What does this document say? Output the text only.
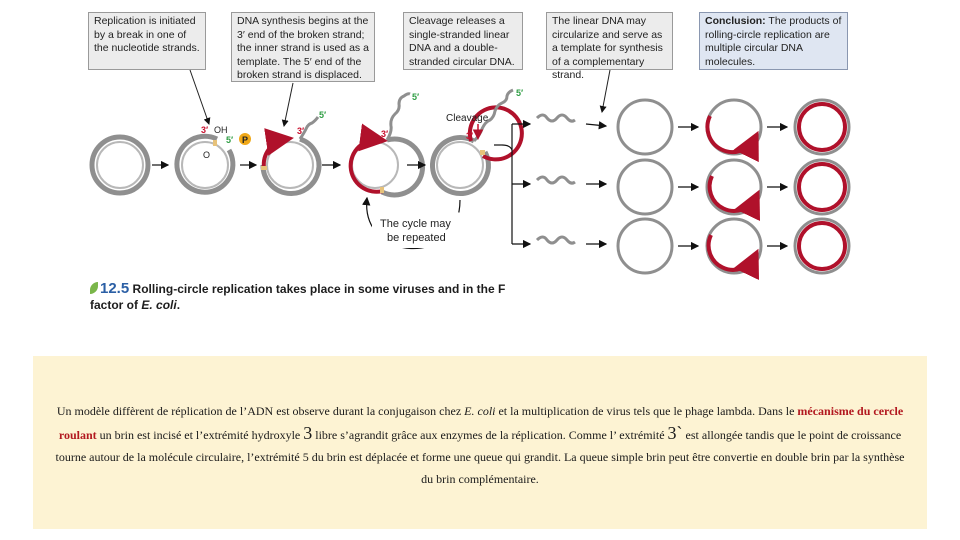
Replication is initiated by a break in one of the nucleotide strands.
DNA synthesis begins at the 3′ end of the broken strand; the inner strand is used as a template. The 5′ end of the broken strand is displaced.
Cleavage releases a single-stranded linear DNA and a double-stranded circular DNA.
The linear DNA may circularize and serve as a template for synthesis of a complementary strand.
Conclusion: The products of rolling-circle replication are multiple circular DNA molecules.
3′ OH
5′ P
O
3′
5′
3′
5′
Cleavage
3′
5′
The cycle may
be repeated
12.5 Rolling-circle replication takes place in some viruses and in the F factor of E. coli.
Un modèle diffèrent de réplication de l’ADN est observe durant la conjugaison chez E. coli et la multiplication de virus tels que le phage lambda. Dans le mécanisme du cercle roulant un brin est incisé et l’extrémité hydroxyle 3 libre s’agrandit grâce aux enzymes de la réplication. Comme l’ extrémité 3` est allongée tandis que le point de croissance tourne autour de la molécule circulaire, l’extrémité 5 du brin est déplacée et forme une queue qui grandit. La queue simple brin peut être convertie en double brin par la synthèse du brin complémentaire.
